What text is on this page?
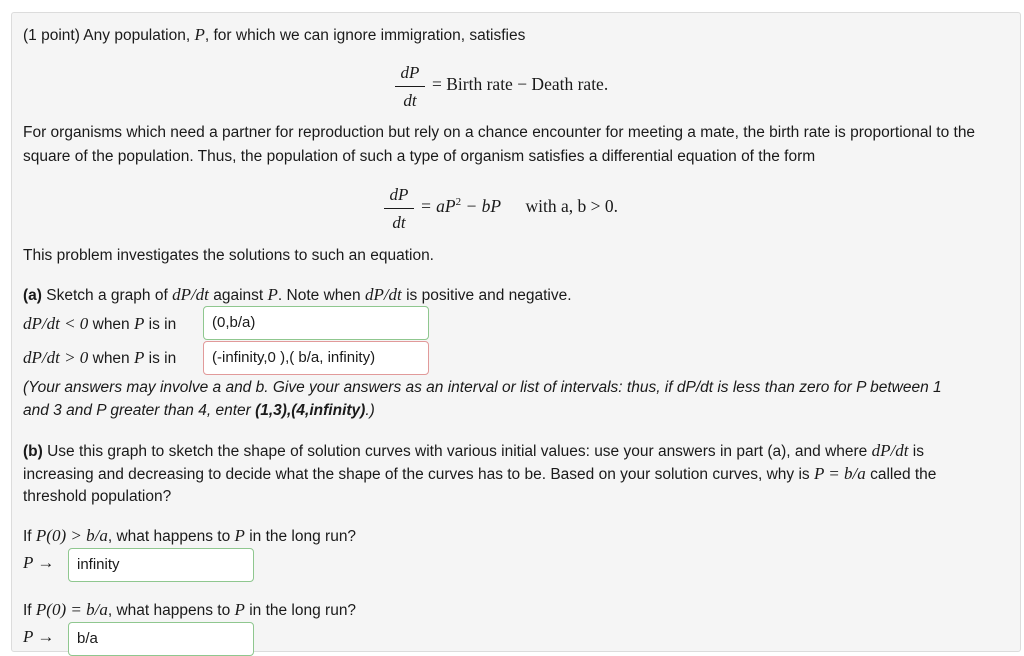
(1 point) Any population, P, for which we can ignore immigration, satisfies
dP
dt
= Birth rate − Death rate.
For organisms which need a partner for reproduction but rely on a chance encounter for meeting a mate, the birth rate is proportional to the square of the population. Thus, the population of such a type of organism satisfies a differential equation of the form
dP
dt
= $aP^2$ − bP with a, b > 0.
This problem investigates the solutions to such an equation.
(a) Sketch a graph of dP/dt against P. Note when dP/dt is positive and negative.
dP/dt < 0 when P is in	(0,b/a)
dP/dt > 0 when P is in	(-infinity,0 ),( b/a, infinity)
(Your answers may involve a and b. Give your answers as an interval or list of intervals: thus, if dP/dt is less than zero for P between 1
and 3 and P greater than 4, enter (1,3),(4,infinity).)
(b) Use this graph to sketch the shape of solution curves with various initial values: use your answers in part (a), and where dP/dt is
increasing and decreasing to decide what the shape of the curves has to be. Based on your solution curves, why is P = b/a called the
threshold population?
If P(0) > b/a, what happens to P in the long run?
P →	infinity
If P(0) = b/a, what happens to P in the long run?
P →	b/a
